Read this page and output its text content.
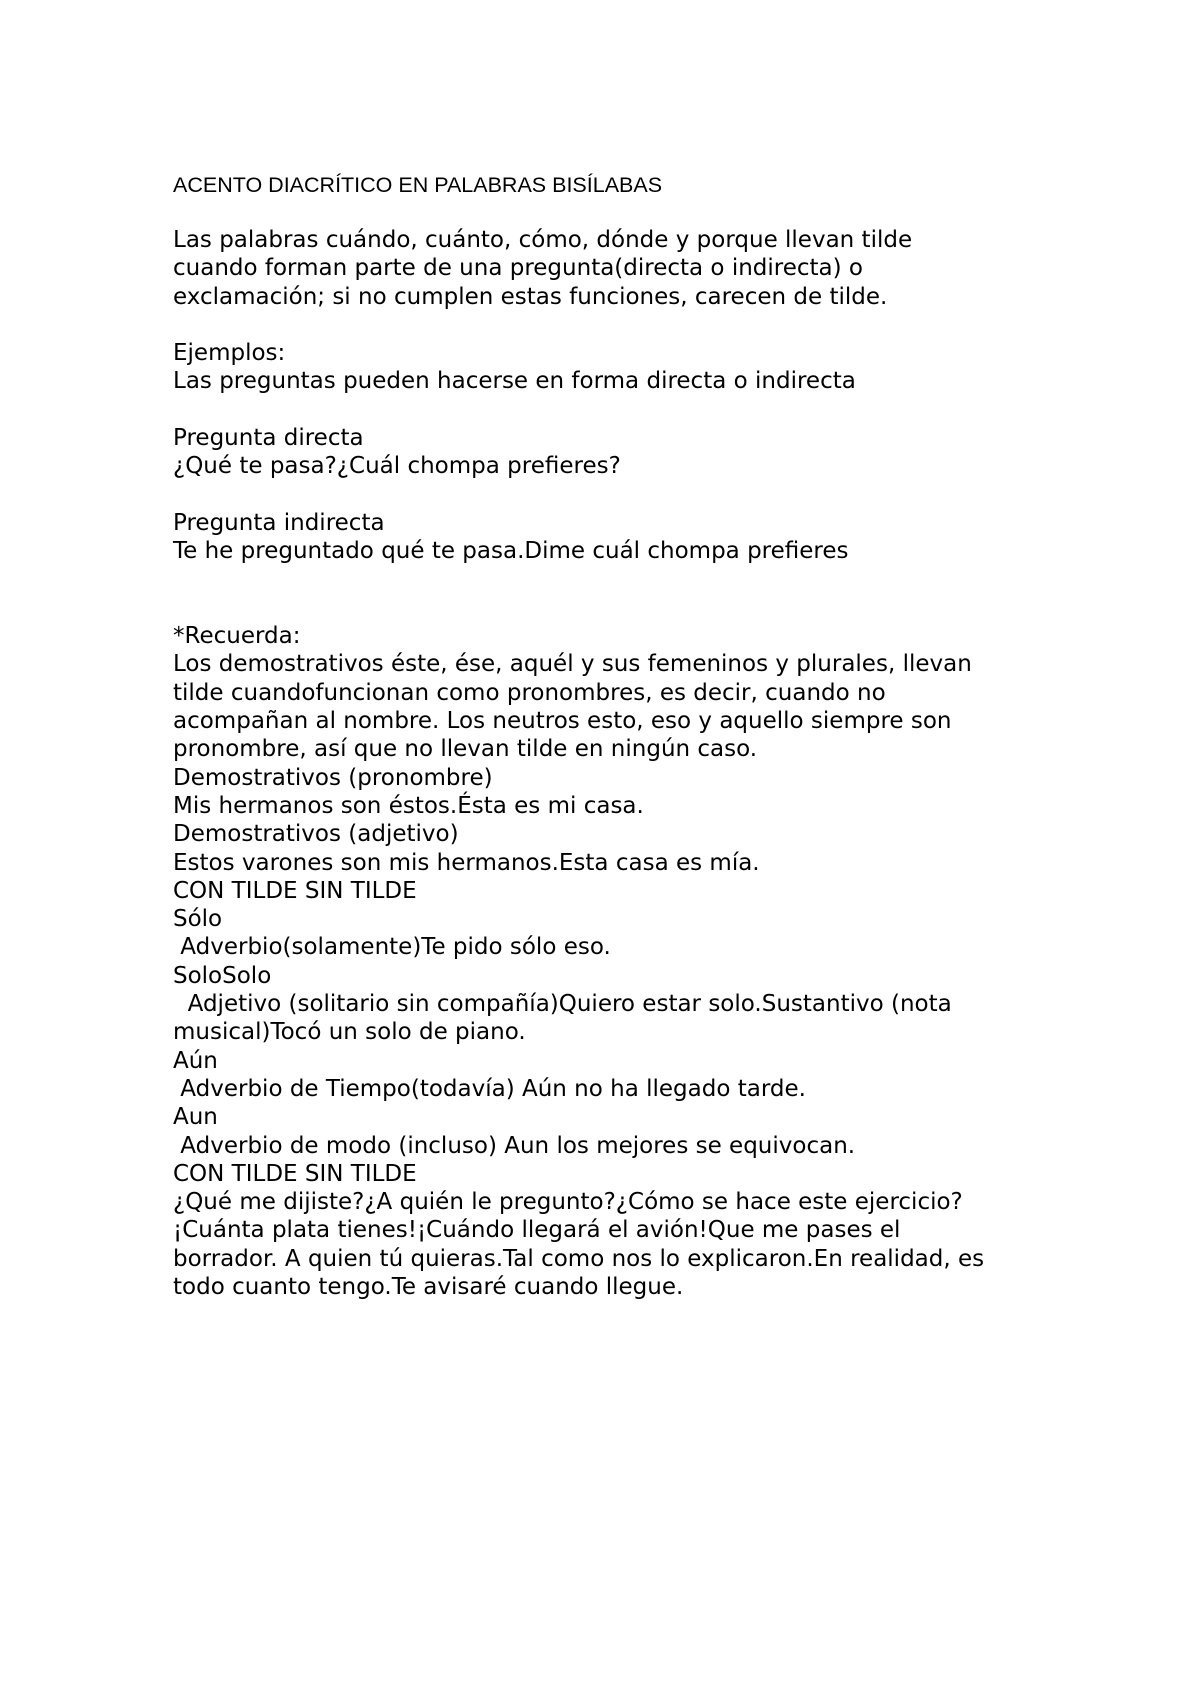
ACENTO DIACRÍTICO EN PALABRAS BISÍLABAS
Las palabras cuándo, cuánto, cómo, dónde y porque llevan tilde
cuando forman parte de una pregunta(directa o indirecta) o
exclamación; si no cumplen estas funciones, carecen de tilde.
Ejemplos:
Las preguntas pueden hacerse en forma directa o indirecta
Pregunta directa
¿Qué te pasa?¿Cuál chompa prefieres?
Pregunta indirecta
Te he preguntado qué te pasa.Dime cuál chompa prefieres
*Recuerda:
Los demostrativos éste, ése, aquél y sus femeninos y plurales, llevan
tilde cuandofuncionan como pronombres, es decir, cuando no
acompañan al nombre. Los neutros esto, eso y aquello siempre son
pronombre, así que no llevan tilde en ningún caso.
Demostrativos (pronombre)
Mis hermanos son éstos.Ésta es mi casa.
Demostrativos (adjetivo)
Estos varones son mis hermanos.Esta casa es mía.
CON TILDE SIN TILDE
Sólo
Adverbio(solamente)Te pido sólo eso.
SoloSolo
Adjetivo (solitario sin compañía)Quiero estar solo.Sustantivo (nota
musical)Tocó un solo de piano.
Aún
Adverbio de Tiempo(todavía) Aún no ha llegado tarde.
Aun
Adverbio de modo (incluso) Aun los mejores se equivocan.
CON TILDE SIN TILDE
¿Qué me dijiste?¿A quién le pregunto?¿Cómo se hace este ejercicio?
¡Cuánta plata tienes!¡Cuándo llegará el avión!Que me pases el
borrador. A quien tú quieras.Tal como nos lo explicaron.En realidad, es
todo cuanto tengo.Te avisaré cuando llegue.
